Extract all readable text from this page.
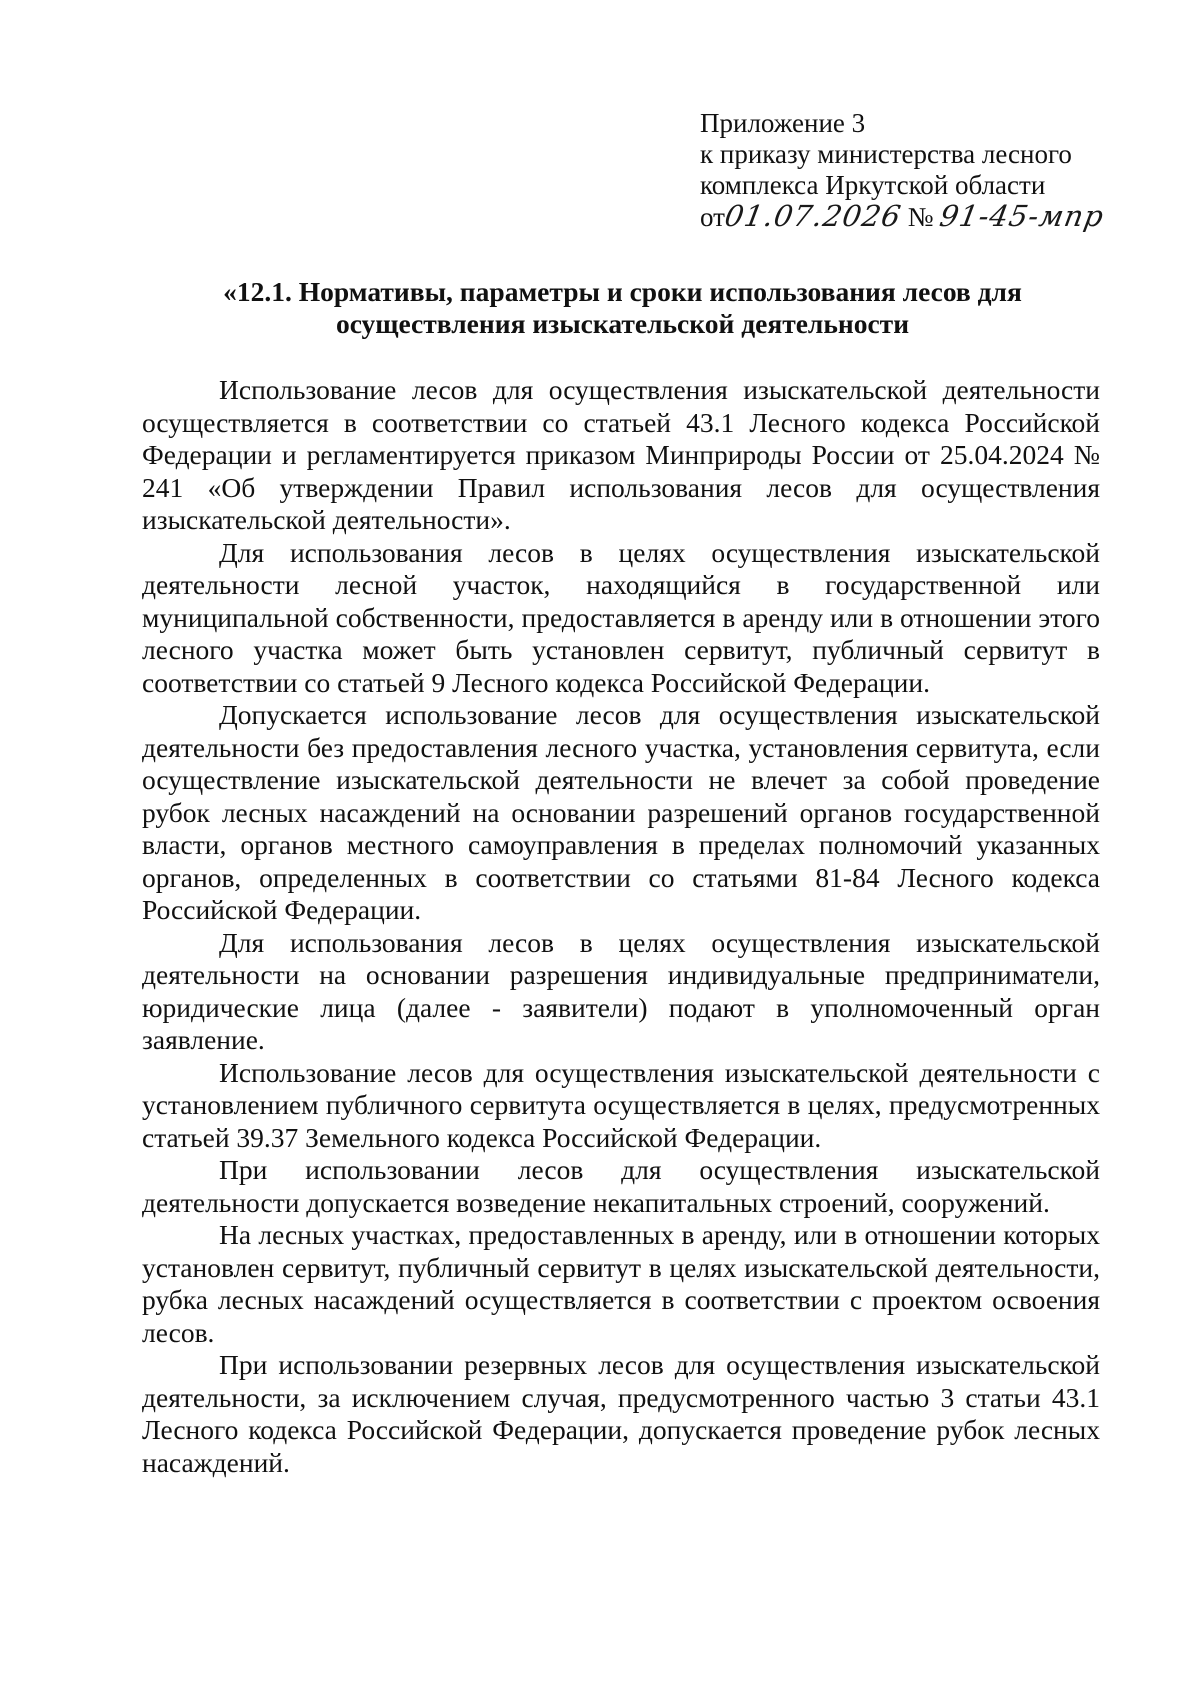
Приложение 3
к приказу министерства лесного
комплекса Иркутской области
от01.07.2026 № 91-45-мпр
«12.1. Нормативы, параметры и сроки использования лесов для осуществления изыскательской деятельности

Использование лесов для осуществления изыскательской деятельности осуществляется в соответствии со статьей 43.1 Лесного кодекса Российской Федерации и регламентируется приказом Минприроды России от 25.04.2024 № 241 «Об утверждении Правил использования лесов для осуществления изыскательской деятельности».

Для использования лесов в целях осуществления изыскательской деятельности лесной участок, находящийся в государственной или муниципальной собственности, предоставляется в аренду или в отношении этого лесного участка может быть установлен сервитут, публичный сервитут в соответствии со статьей 9 Лесного кодекса Российской Федерации.

Допускается использование лесов для осуществления изыскательской деятельности без предоставления лесного участка, установления сервитута, если осуществление изыскательской деятельности не влечет за собой проведение рубок лесных насаждений на основании разрешений органов государственной власти, органов местного самоуправления в пределах полномочий указанных органов, определенных в соответствии со статьями 81-84 Лесного кодекса Российской Федерации.

Для использования лесов в целях осуществления изыскательской деятельности на основании разрешения индивидуальные предприниматели, юридические лица (далее - заявители) подают в уполномоченный орган заявление.

Использование лесов для осуществления изыскательской деятельности с установлением публичного сервитута осуществляется в целях, предусмотренных статьей 39.37 Земельного кодекса Российской Федерации.

При использовании лесов для осуществления изыскательской деятельности допускается возведение некапитальных строений, сооружений.

На лесных участках, предоставленных в аренду, или в отношении которых установлен сервитут, публичный сервитут в целях изыскательской деятельности, рубка лесных насаждений осуществляется в соответствии с проектом освоения лесов.

При использовании резервных лесов для осуществления изыскательской деятельности, за исключением случая, предусмотренного частью 3 статьи 43.1 Лесного кодекса Российской Федерации, допускается проведение рубок лесных насаждений.
